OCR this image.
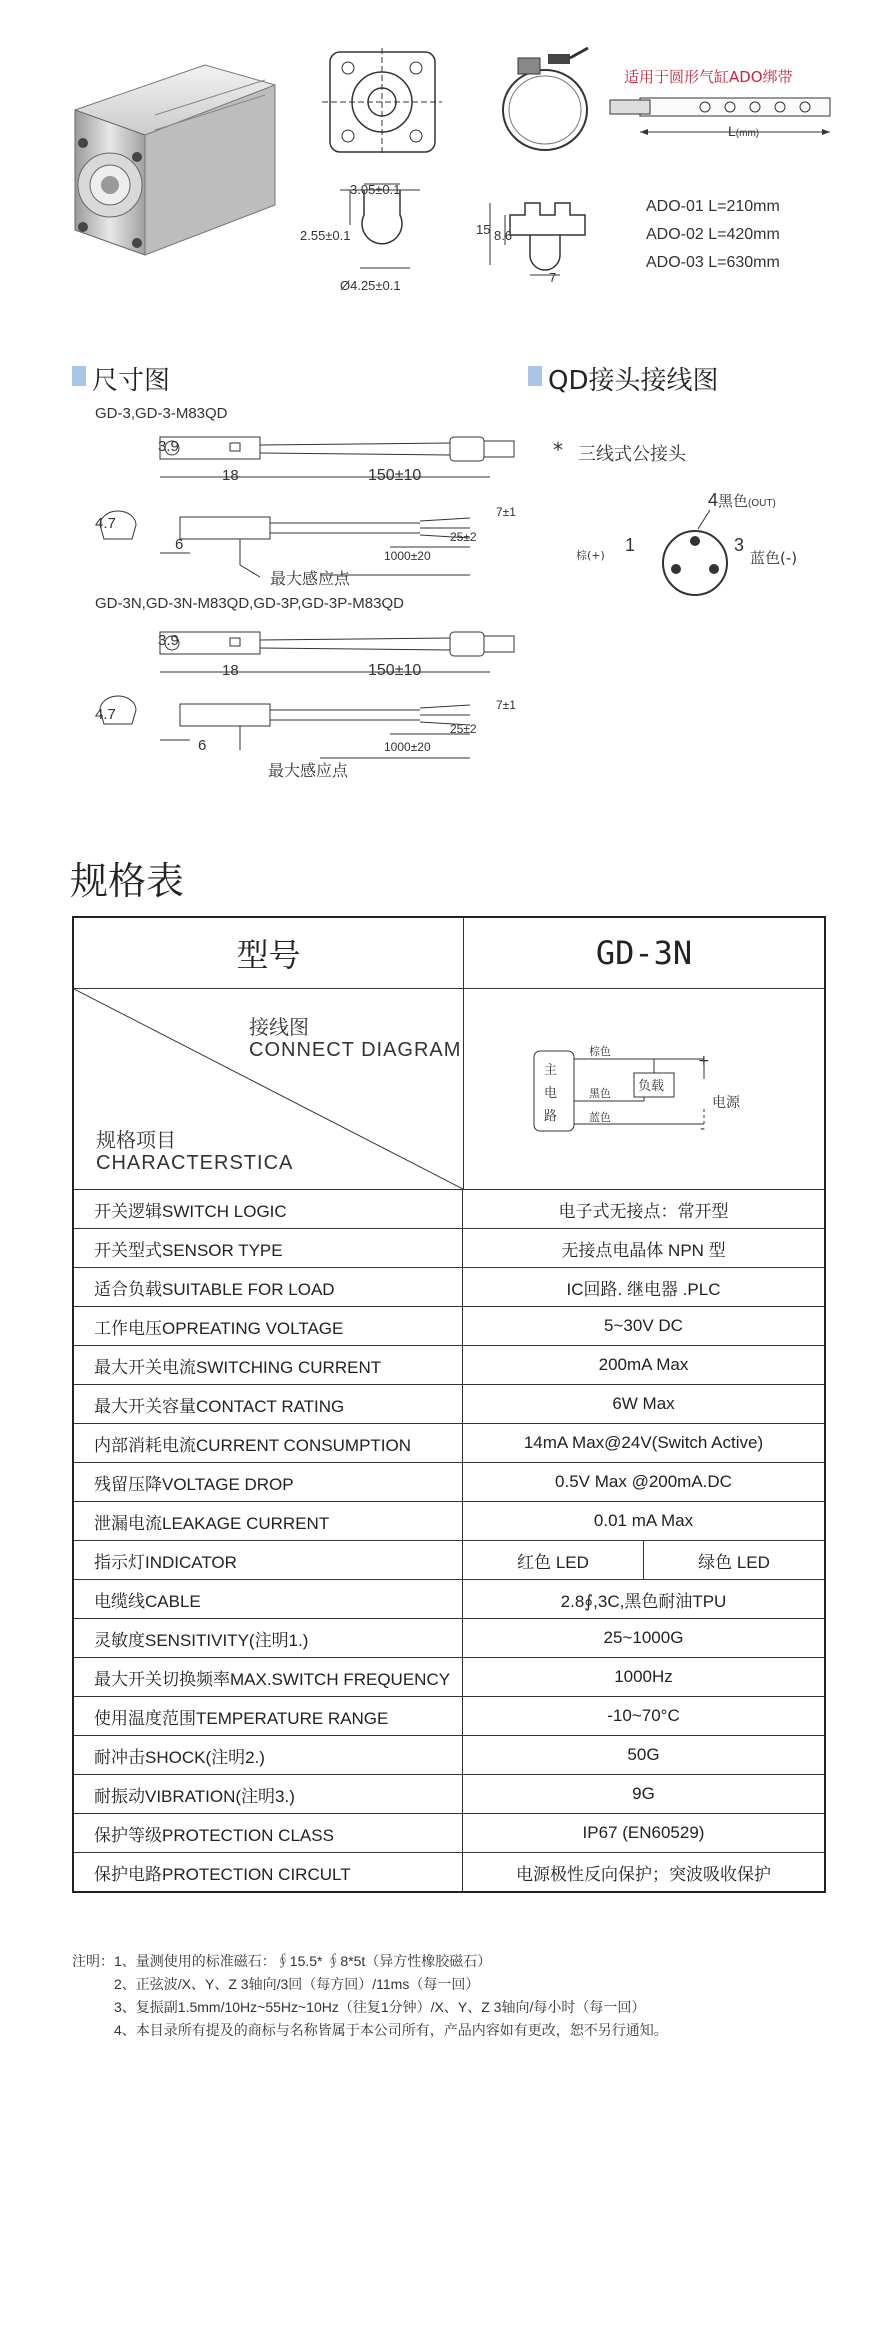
3.05±0.1
2.55±0.1
Ø4.25±0.1
15 8.6
7
适用于圆形气缸ADO绑带
L(mm)
ADO-01 L=210mm
ADO-02 L=420mm
ADO-03 L=630mm
尺寸图
GD-3,GD-3-M83QD
3.9
18	150±10
4.7
7±1
6	25±2
1000±20
最大感应点
GD-3N,GD-3N-M83QD,GD-3P,GD-3P-M83QD
3.9
18	150±10
4.7
7±1
25±2
6	1000±20
最大感应点
QD接头接线图
* 三线式公接头
4黑色(OUT)
1
棕(+)
3
蓝色(-)
规格表
型号	GD-3N
接线图
CONNECT DIAGRAM
规格项目
CHARACTERSTICA
主
电
路
棕色
黑色
蓝色
负载
电源
+
-
开关逻辑SWITCH LOGIC	电子式无接点：常开型
开关型式SENSOR TYPE	无接点电晶体 NPN 型
适合负载SUITABLE FOR LOAD	IC回路. 继电器 .PLC
工作电压OPREATING VOLTAGE	5~30V DC
最大开关电流SWITCHING CURRENT	200mA Max
最大开关容量CONTACT RATING	6W Max
内部消耗电流CURRENT CONSUMPTION	14mA Max@24V(Switch Active)
残留压降VOLTAGE DROP	0.5V Max @200mA.DC
泄漏电流LEAKAGE CURRENT	0.01 mA Max
指示灯INDICATOR	红色 LED	绿色 LED
电缆线CABLE	2.8∮,3C,黑色耐油TPU
灵敏度SENSITIVITY(注明1.)	25~1000G
最大开关切换频率MAX.SWITCH FREQUENCY	1000Hz
使用温度范围TEMPERATURE RANGE	-10~70°C
耐冲击SHOCK(注明2.)	50G
耐振动VIBRATION(注明3.)	9G
保护等级PROTECTION CLASS	IP67 (EN60529)
保护电路PROTECTION CIRCULT	电源极性反向保护；突波吸收保护
注明：1、量测使用的标准磁石：∮15.5* ∮8*5t（异方性橡胶磁石）
2、正弦波/X、Y、Z 3轴向/3回（每方回）/11ms（每一回）
3、复振副1.5mm/10Hz~55Hz~10Hz（往复1分钟）/X、Y、Z 3轴向/每小时（每一回）
4、本目录所有提及的商标与名称皆属于本公司所有，产品内容如有更改，恕不另行通知。
